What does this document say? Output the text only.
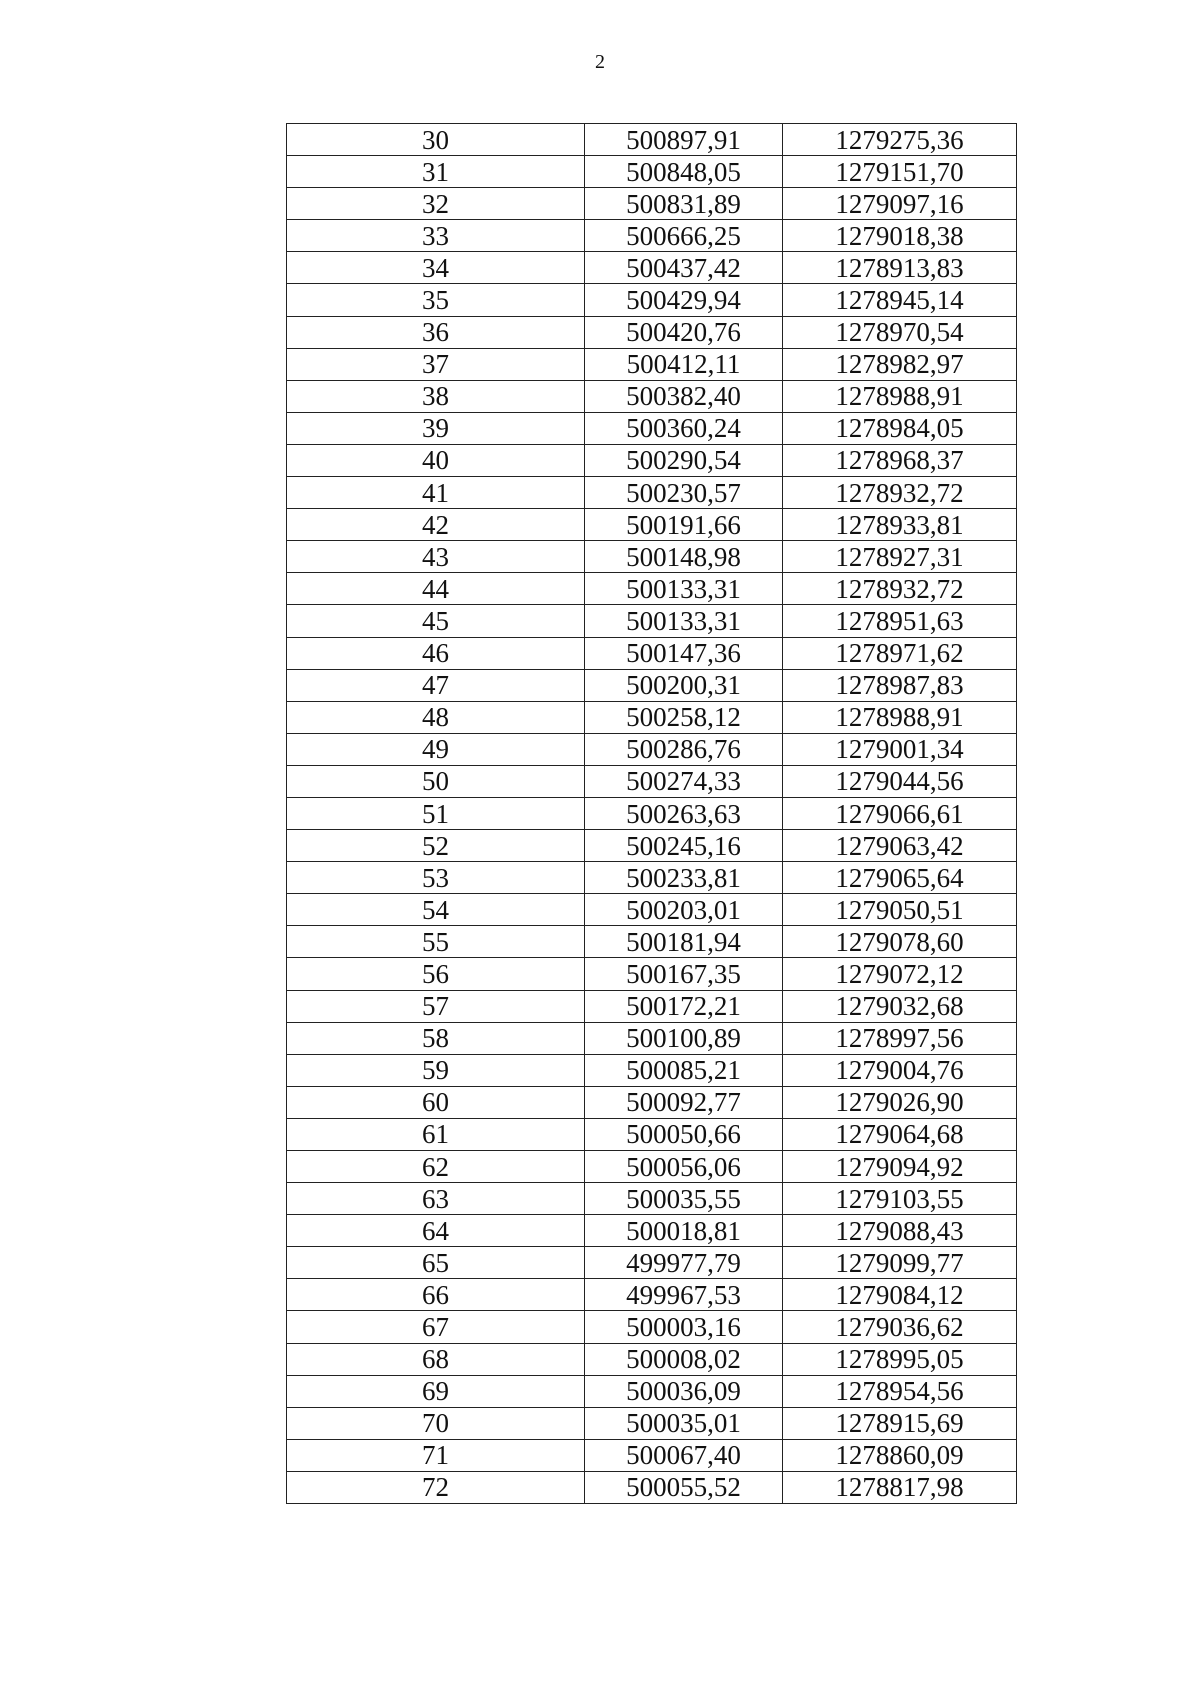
2
30	500897,91	1279275,36
31	500848,05	1279151,70
32	500831,89	1279097,16
33	500666,25	1279018,38
34	500437,42	1278913,83
35	500429,94	1278945,14
36	500420,76	1278970,54
37	500412,11	1278982,97
38	500382,40	1278988,91
39	500360,24	1278984,05
40	500290,54	1278968,37
41	500230,57	1278932,72
42	500191,66	1278933,81
43	500148,98	1278927,31
44	500133,31	1278932,72
45	500133,31	1278951,63
46	500147,36	1278971,62
47	500200,31	1278987,83
48	500258,12	1278988,91
49	500286,76	1279001,34
50	500274,33	1279044,56
51	500263,63	1279066,61
52	500245,16	1279063,42
53	500233,81	1279065,64
54	500203,01	1279050,51
55	500181,94	1279078,60
56	500167,35	1279072,12
57	500172,21	1279032,68
58	500100,89	1278997,56
59	500085,21	1279004,76
60	500092,77	1279026,90
61	500050,66	1279064,68
62	500056,06	1279094,92
63	500035,55	1279103,55
64	500018,81	1279088,43
65	499977,79	1279099,77
66	499967,53	1279084,12
67	500003,16	1279036,62
68	500008,02	1278995,05
69	500036,09	1278954,56
70	500035,01	1278915,69
71	500067,40	1278860,09
72	500055,52	1278817,98
